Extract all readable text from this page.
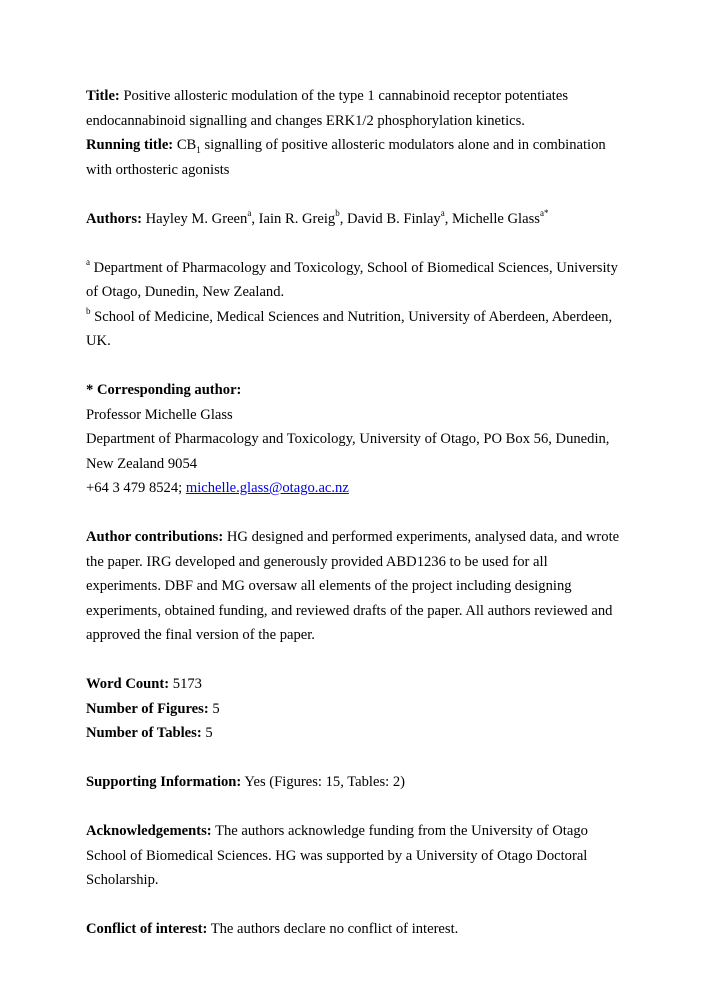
Title: Positive allosteric modulation of the type 1 cannabinoid receptor potentiates endocannabinoid signalling and changes ERK1/2 phosphorylation kinetics.

Running title: $CB_1$ signalling of positive allosteric modulators alone and in combination with orthosteric agonists

Authors: Hayley M. Green$^a$, Iain R. Greig$^b$, David B. Finlay$^a$, Michelle Glass$^{a*}$

$^a$ Department of Pharmacology and Toxicology, School of Biomedical Sciences, University of Otago, Dunedin, New Zealand.

$^b$ School of Medicine, Medical Sciences and Nutrition, University of Aberdeen, Aberdeen, UK.

* Corresponding author:

Professor Michelle Glass

Department of Pharmacology and Toxicology, University of Otago, PO Box 56, Dunedin, New Zealand 9054

+64 3 479 8524; michelle.glass@otago.ac.nz

Author contributions: HG designed and performed experiments, analysed data, and wrote the paper. IRG developed and generously provided ABD1236 to be used for all experiments. DBF and MG oversaw all elements of the project including designing experiments, obtained funding, and reviewed drafts of the paper. All authors reviewed and approved the final version of the paper.

Word Count: 5173

Number of Figures: 5

Number of Tables: 5

Supporting Information: Yes (Figures: 15, Tables: 2)

Acknowledgements: The authors acknowledge funding from the University of Otago School of Biomedical Sciences. HG was supported by a University of Otago Doctoral Scholarship.

Conflict of interest: The authors declare no conflict of interest.
